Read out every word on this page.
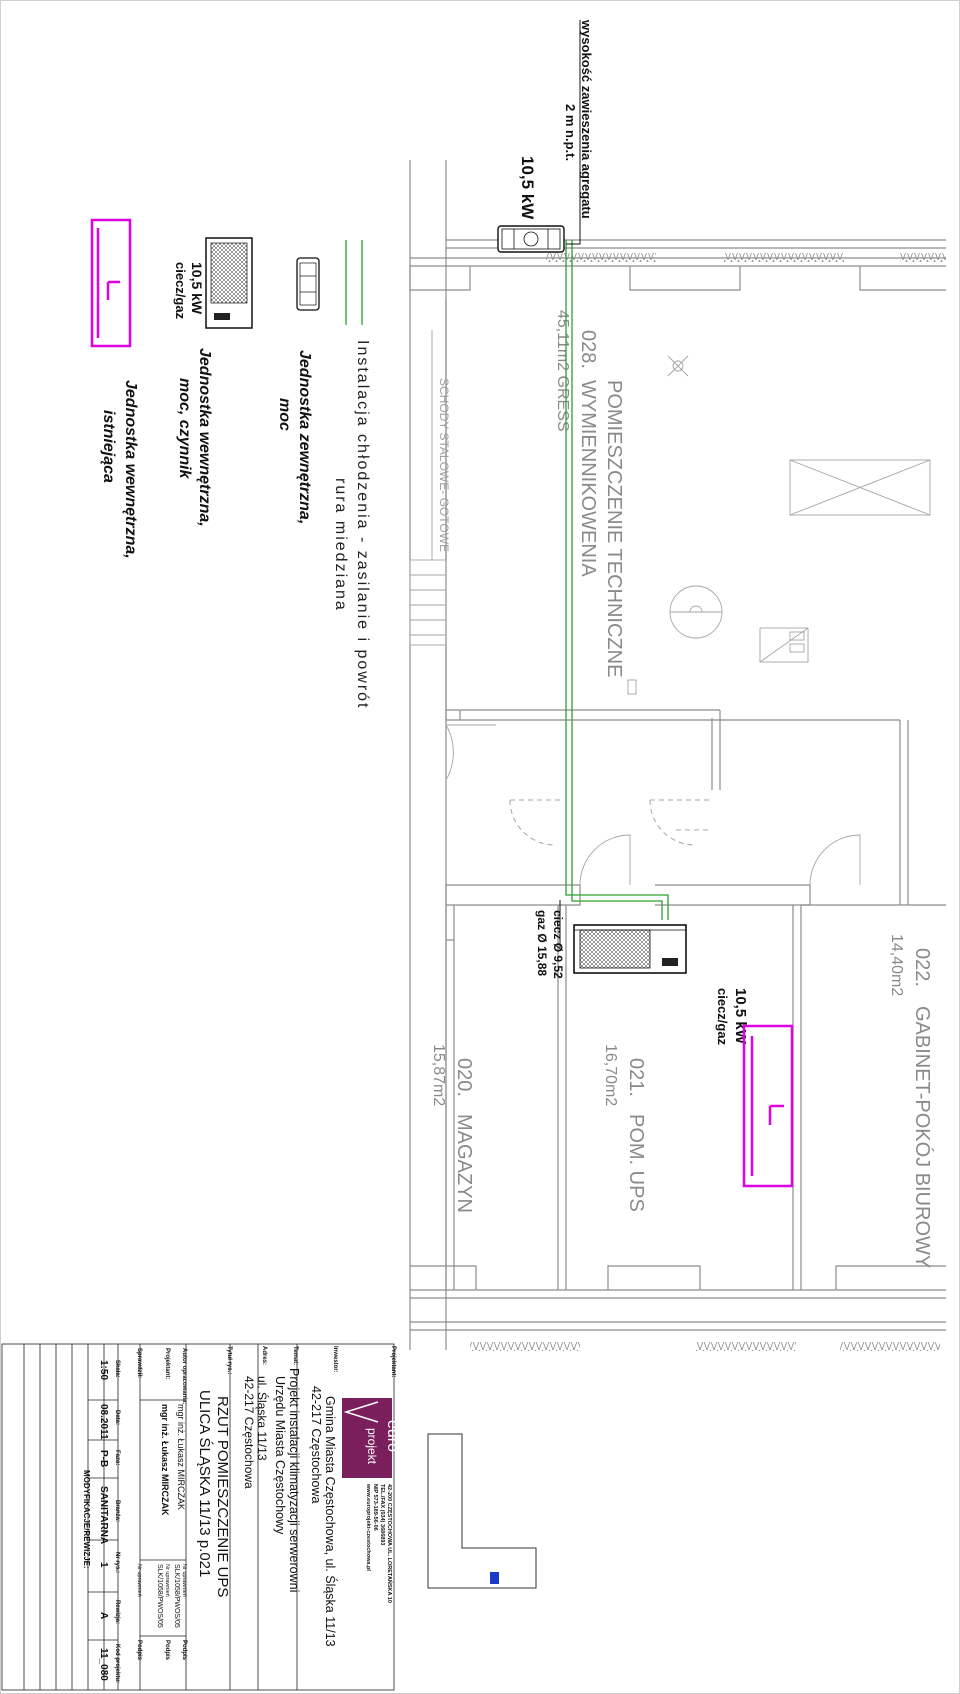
028.
POMIESZCZENIE TECHNICZNE
WYMIENNIKOWENIA
45,11m2 GRESS
022.
GABINET-POKÓJ BIUROWY
14,40m2
021.
POM. UPS
16,70m2
020.
MAGAZYN
15,87m2
SCHODY STALOWE- GOTOWE
wysokość zawieszenia agregatu
2 m n.p.t.
10,5 kW
ciecz Ø 9,52
gaz Ø 15,88
10,5 kW
ciecz/gaz
Instalacja chłodzenia - zasilanie i powrót
rura miedziana
Jednostka zewnętrzna,
moc
10,5 kW
ciecz/gaz
Jednostka wewnętrzna,
moc, czynnik
Jednostka wewnętrzna,
istniejąca
euro
projekt
42-200 CZĘSTOCHOWA UL. LORETAŃSKA 10
TEL./FAX (034) 3686893
NIP 573-189-56-06
www.europrojekt-czestochowa.pl
Projektant:
Inwestor:
Gmina Miasta Częstochowa, ul. Śląska 11/13
42-217 Częstochowa
Temat:
Projekt instalacji klimatyzacji serwerowni
Urzędu Miasta Częstochowy
Adres:
ul. Śląska 11/13
42-217 Częstochowa
Tytuł rys.:
RZUT POMIESZCZENIE UPS
ULICA ŚLĄSKA 11/13 p.021
Autor opracowania:
mgr inż. Łukasz MIRCZAK
Nr uprawnień
SLK/1058/PWOS/05
Podpis
Projektant:
mgr inż. Łukasz MIRCZAK
Nr uprawnień
SLK/1058/PWOS/05
Podpis
Sprawdził:
Nr uprawnień
Podpis
Skala:
Data:
Faza:
Branża:
Nr rys.:
Rewizja:
Kod projektu:
1:50
08.2011
P-B
SANITARNA
1
A
11_080
MODYFIKACJE/REWIZJE:
